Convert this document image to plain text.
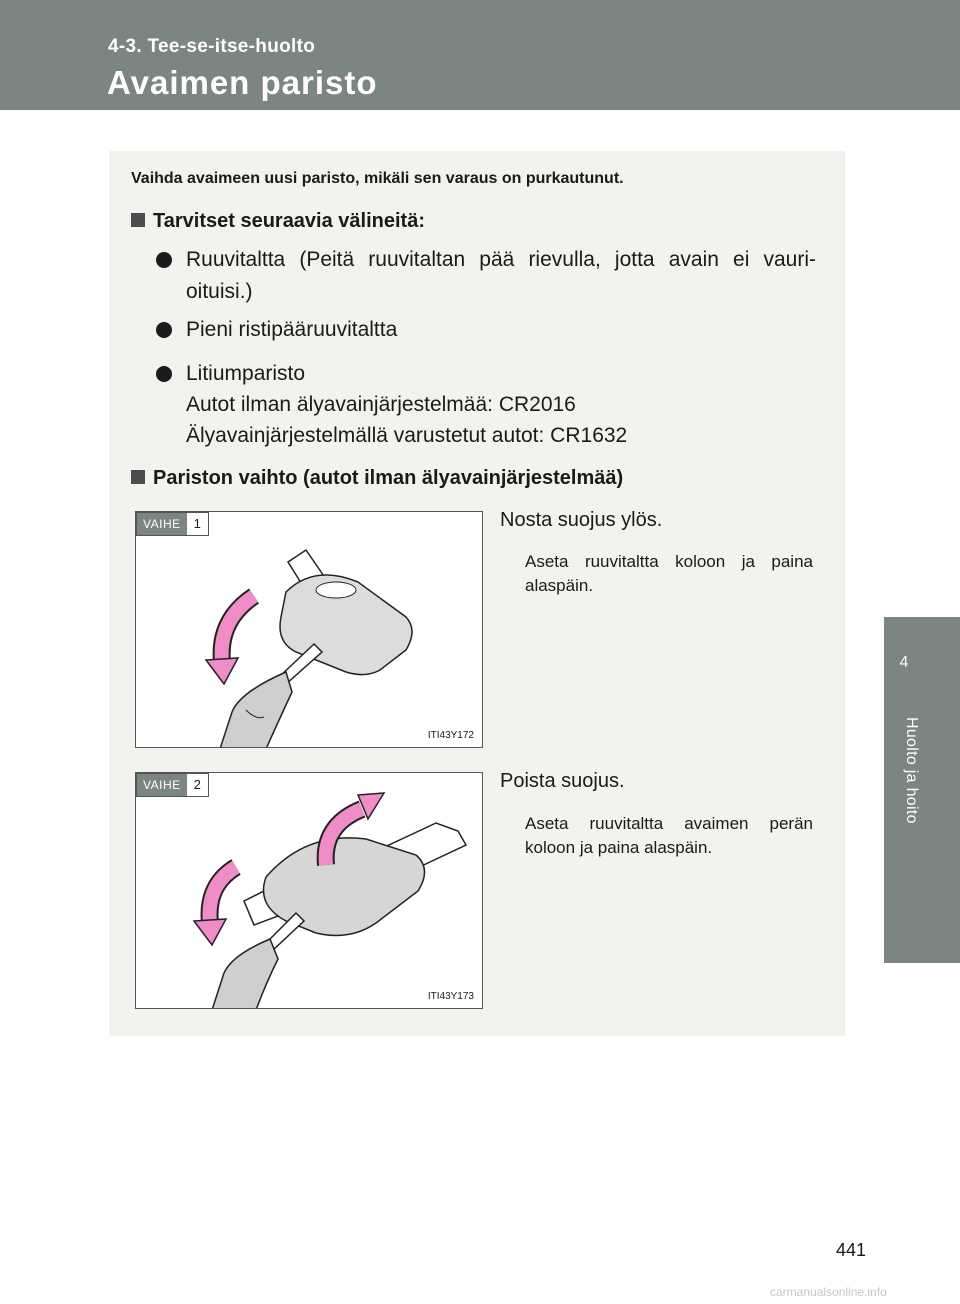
4-3. Tee-se-itse-huolto
Avaimen paristo
4
Huolto ja hoito
Vaihda avaimeen uusi paristo, mikäli sen varaus on purkautunut.
Tarvitset seuraavia välineitä:
Ruuvitaltta (Peitä ruuvitaltan pää rievulla, jotta avain ei vauri-
oituisi.)
Pieni ristipääruuvitaltta
Litiumparisto
Autot ilman älyavainjärjestelmää: CR2016
Älyavainjärjestelmällä varustetut autot: CR1632
Pariston vaihto (autot ilman älyavainjärjestelmää)
VAIHE	1
ITI43Y172
Nosta suojus ylös.
Aseta ruuvitaltta koloon ja paina alaspäin.
VAIHE	2
ITI43Y173
Poista suojus.
Aseta ruuvitaltta avaimen perän koloon ja paina alaspäin.
441
carmanualsonline.info
